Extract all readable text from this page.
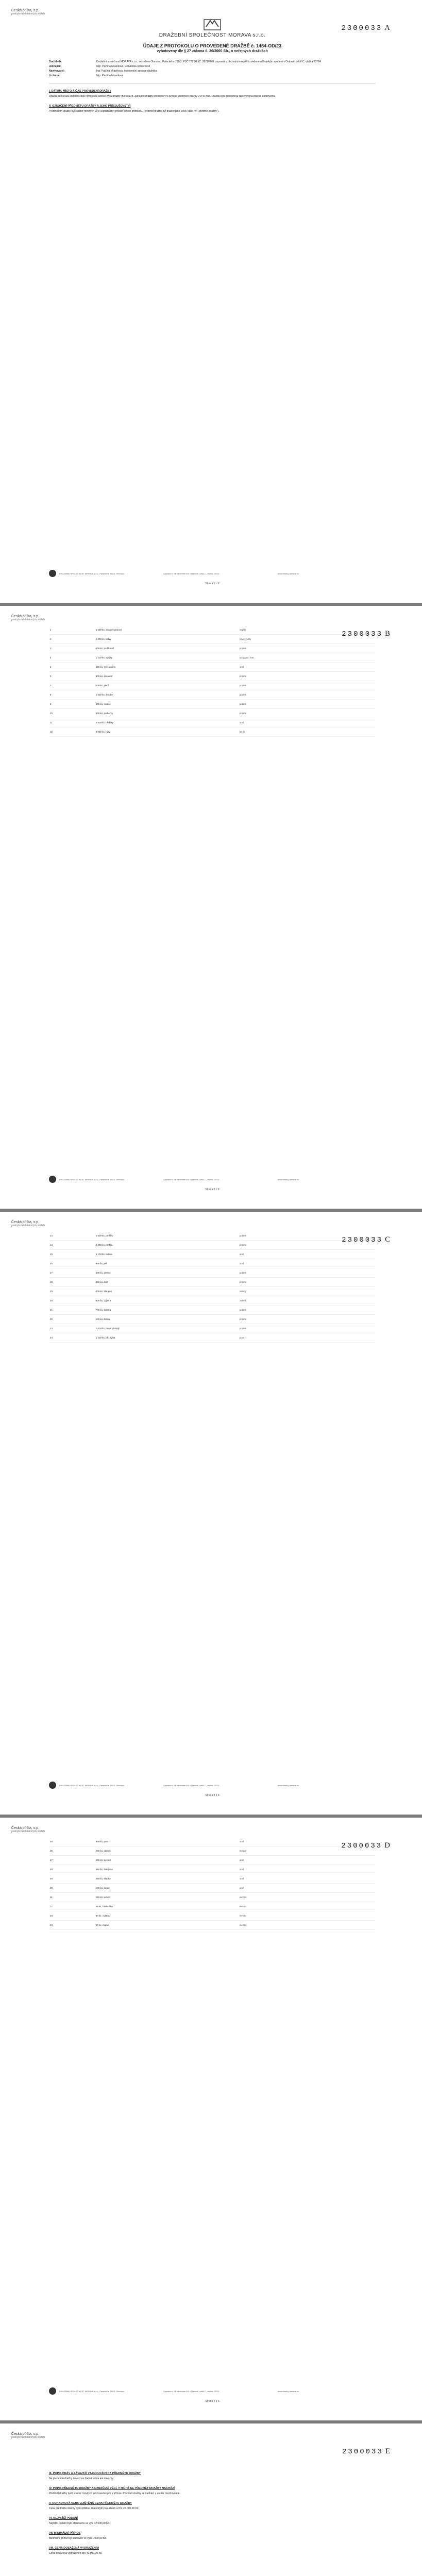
Česká pošta, s.p.
poskytovatel datových služeb
2300033 A
DRAŽEBNÍ SPOLEČNOST MORAVA s.r.o.
ÚDAJE Z PROTOKOLU O PROVEDENÉ DRAŽBĚ č. 1464-OD/23
vyhotovený dle § 27 zákona č. 26/2000 Sb., o veřejných dražbách
Dražebník:	Dražební společnost MORAVA s.r.o., se sídlem Olomouc, Palackého 766/3, PSČ 779 00, IČ: 26219328, zapsaná v obchodním rejstříku vedeném Krajským soudem v Ostravě, oddíl C, vložka 23724
Jednající:	Mgr. Pavlína Mrasíková, jednatelka společnosti
Navrhovatel:	Ing. Pavlína Mrasíková, insolvenční správce dlužníka
Licitátor:	Mgr. Pavlína Mrasíková
I. DATUM, MÍSTO A ČAS PROVEDENÍ DRAŽBY
Dražba se konala elektronickou formou na adrese www.drazby-morava.cz. Zahájení dražby proběhlo v 9:30 hod. Ukončení dražby v 9:40 hod. Dražba byla provedena jako veřejná dražba dobrovolná.
II. OZNAČENÍ PŘEDMĚTU DRAŽBY A JEHO PŘÍSLUŠENSTVÍ
Předmětem dražby byl soubor movitých věcí sepsaných v příloze tohoto protokolu. Předmět dražby byl dražen jako celek (dále jen „předmět dražby“).
DRAŽEBNÍ SPOLEČNOST MORAVA s.r.o., Palackého 766/3, Olomouc	Zapsána v OR vedeném KS v Ostravě, oddíl C, vložka 23724	www.drazby-morava.cz
Strana 1 z 6
Česká pošta, s.p.
poskytovatel datových služeb
2300033 B
1	1 200 ks, sloupek plotový	regály
2	1 200 ks, kotvy	kovové díly
3	500 ks, profil ocel	pozink
4	1 200 ks, spojky	spojovací mat.
5	420 ks, tyč kulatina	ocel
6	900 ks, pás ocel	pozink
7	100 ks, plech	pozink
8	1 000 ks, šrouby	pozink
9	200 ks, matice	pozink
10	300 ks, podložky	pozink
11	3 500 ks, hřebíky	ocel
12	6 000 ks, nýty	hliník
DRAŽEBNÍ SPOLEČNOST MORAVA s.r.o., Palackého 766/3, Olomouc	Zapsána v OR vedeném KS v Ostravě, oddíl C, vložka 23724	www.drazby-morava.cz
Strana 2 z 6
Česká pošta, s.p.
poskytovatel datových služeb
2300033 C
13	1 500 ks, profil U	pozink
14	2 200 ks, profil L	pozink
15	1 100 ks, trubka	ocel
16	800 ks, jekl	ocel
17	400 ks, pletivo	pozink
18	350 ks, drát	pozink
19	200 ks, sloupek	zelený
20	600 ks, vzpěra	zelená
21	700 ks, branka	pozink
22	100 ks, brána	pozink
23	1 000 ks, panel plotový	pozink
24	1 200 ks, příchytka	plast
DRAŽEBNÍ SPOLEČNOST MORAVA s.r.o., Palackého 766/3, Olomouc	Zapsána v OR vedeném KS v Ostravě, oddíl C, vložka 23724	www.drazby-morava.cz
Strana 3 z 6
Česká pošta, s.p.
poskytovatel datových služeb
2300033 D
25	900 ks, pant	ocel
26	450 ks, zámek	mosaz
27	300 ks, kování	ocel
28	550 ks, kolejnice	ocel
29	250 ks, kladka	ocel
30	180 ks, doraz	ocel
31	120 ks, pohon	elektro
32	95 ks, fotobuňka	elektro
33	80 ks, ovladač	elektro
34	60 ks, maják	elektro
DRAŽEBNÍ SPOLEČNOST MORAVA s.r.o., Palackého 766/3, Olomouc	Zapsána v OR vedeném KS v Ostravě, oddíl C, vložka 23724	www.drazby-morava.cz
Strana 4 z 6
Česká pošta, s.p.
poskytovatel datových služeb
2300033 E
III. POPIS PRÁV A ZÁVAZKŮ VÁZNOUCÍCH NA PŘEDMĚTU DRAŽBY
Na předmětu dražby neváznou žádná práva ani závazky.
IV. POPIS PŘEDMĚTU DRAŽBY A OZNAČENÍ VĚCÍ, V NICHŽ SE PŘEDMĚT DRAŽBY NACHÁZÍ
Předmět dražby tvoří soubor movitých věcí uvedených v příloze. Předmět dražby se nachází v areálu navrhovatele.
V. ODHADNUTÁ NEBO ZJIŠTĚNÁ CENA PŘEDMĚTU DRAŽBY
Cena předmětu dražby byla zjištěna znaleckým posudkem a činí 45.000,00 Kč.
VI. NEJNIŽŠÍ PODÁNÍ
Nejnižší podání bylo stanoveno ve výši 42.000,00 Kč.
VII. MINIMÁLNÍ PŘÍHOZ
Minimální příhoz byl stanoven ve výši 1.000,00 Kč.
VIII. CENA DOSAŽENÁ VYDRAŽENÍM
Cena dosažená vydražením činí 42.000,00 Kč.
